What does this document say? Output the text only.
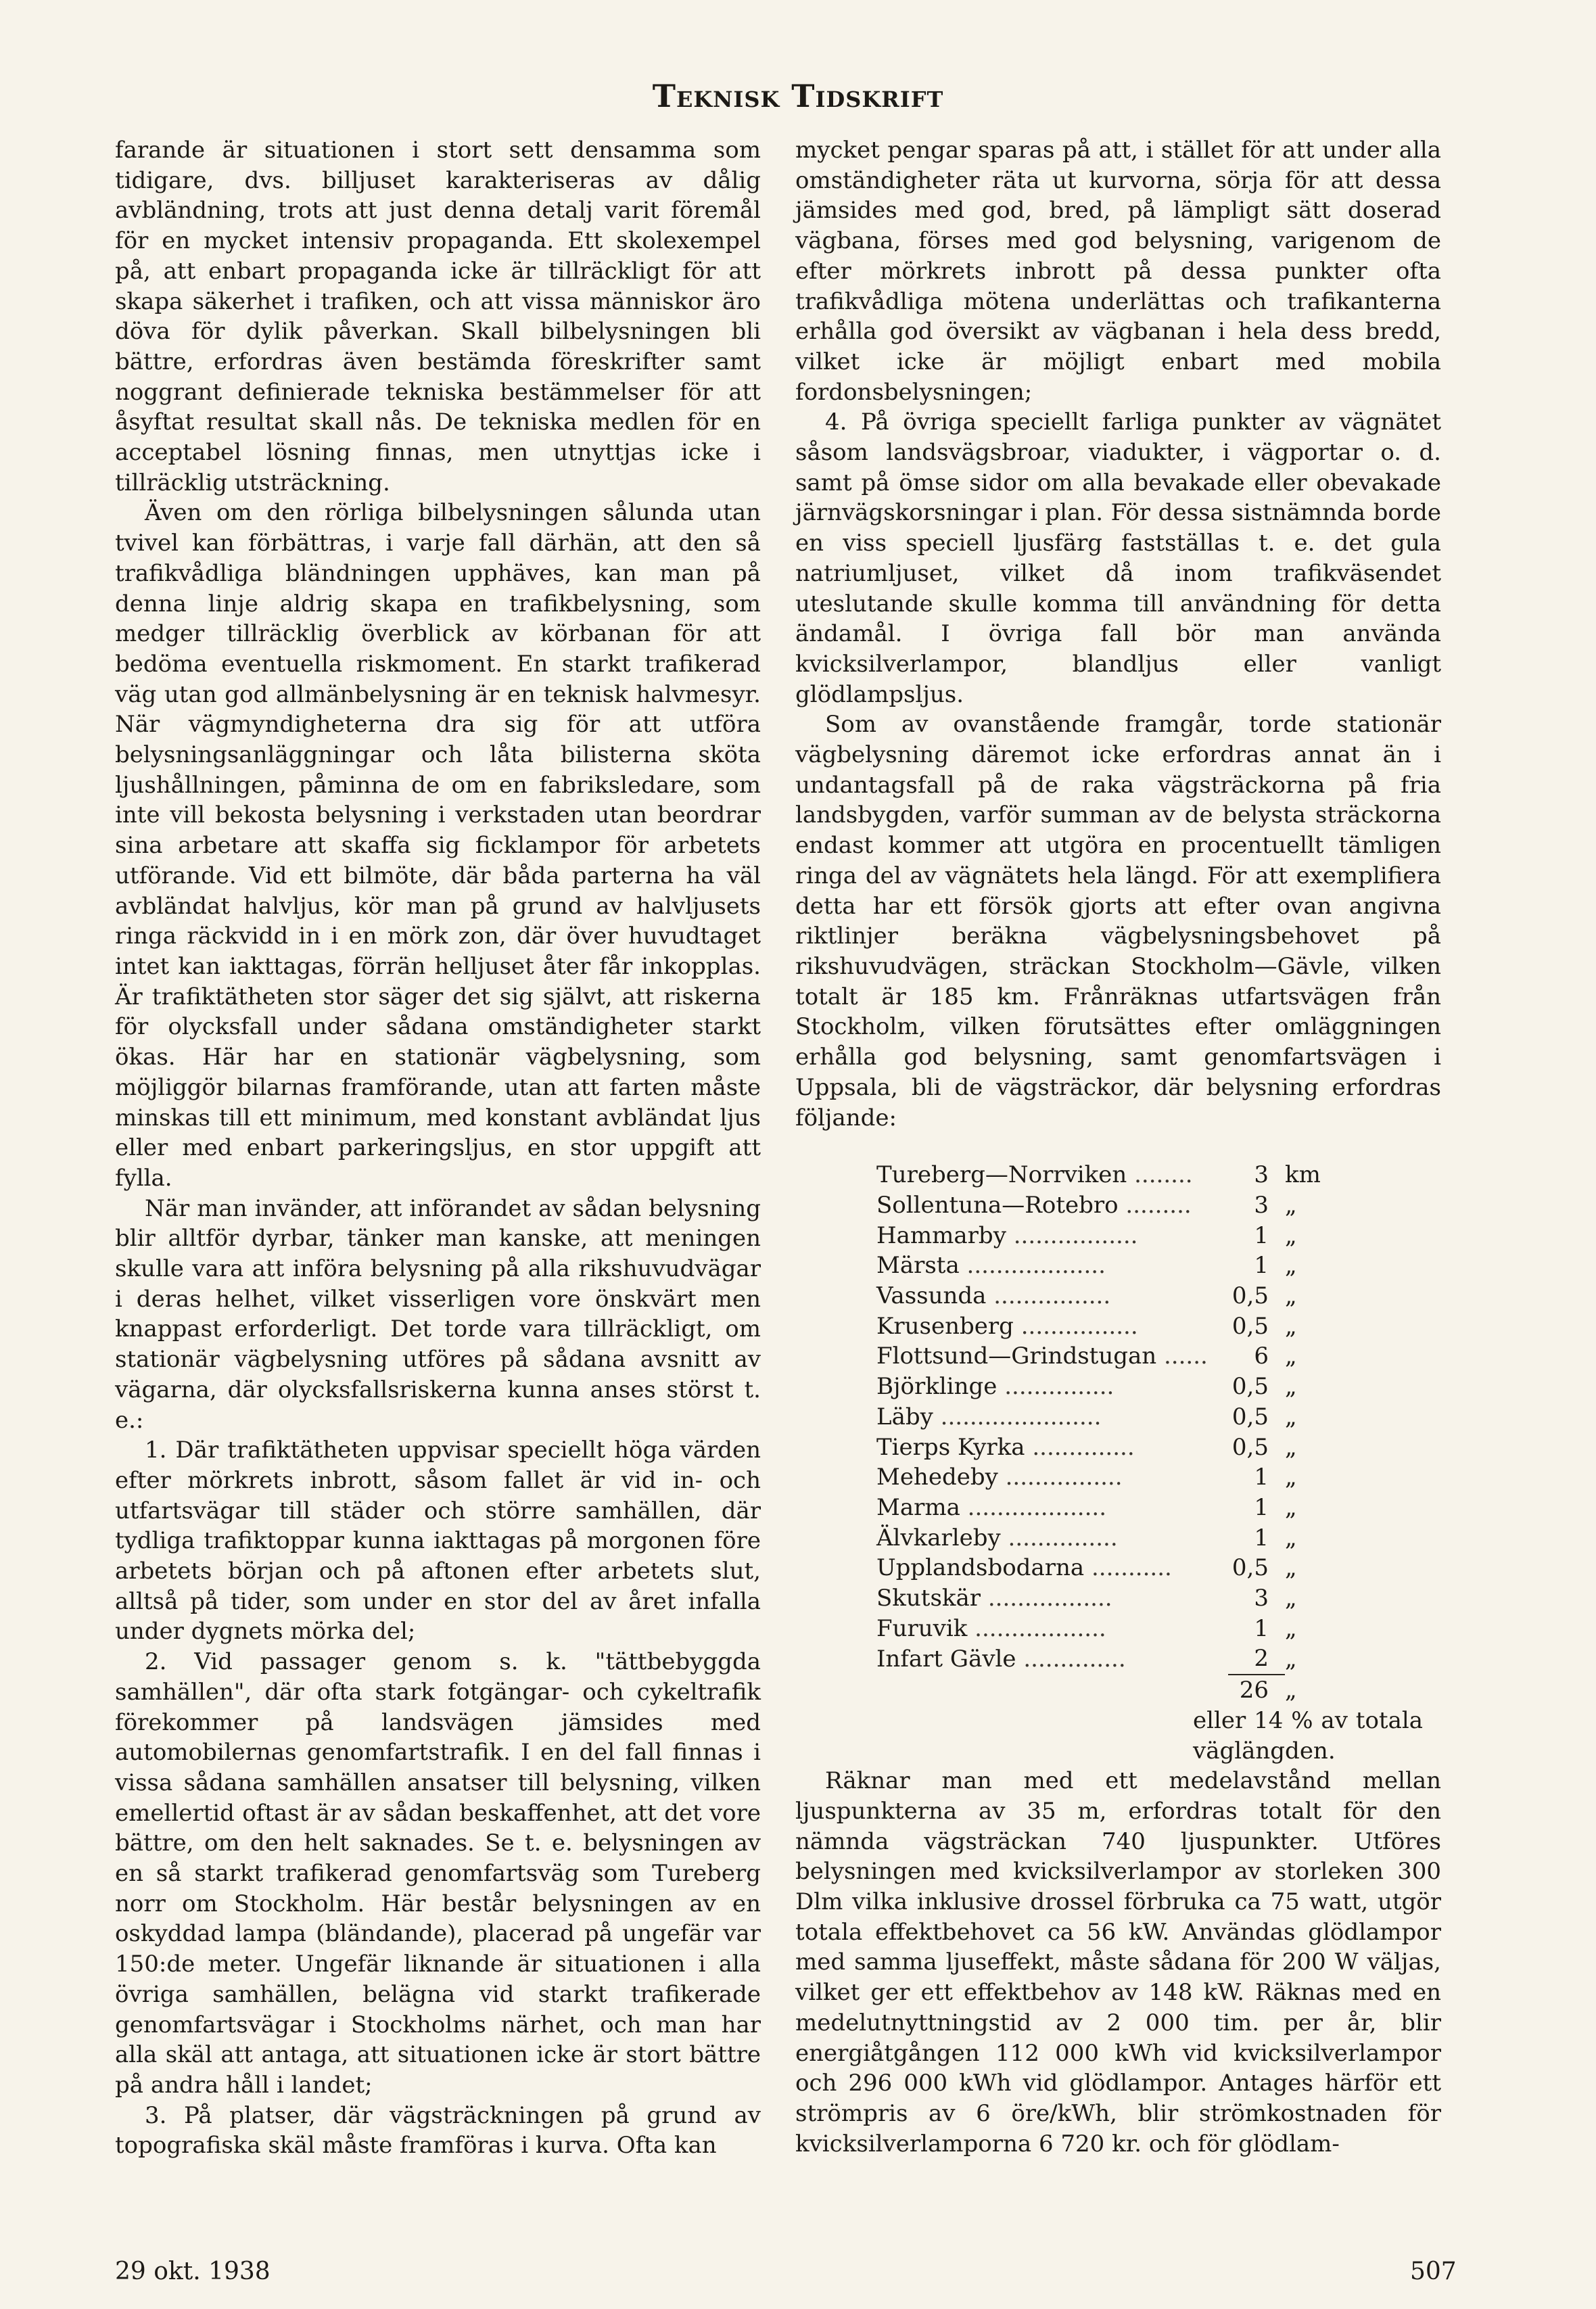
Teknisk Tidskrift

farande är situationen i stort sett densamma som tidigare, dvs. billjuset karakteriseras av dålig avbländning, trots att just denna detalj varit föremål för en mycket intensiv propaganda. Ett skolexempel på, att enbart propaganda icke är tillräckligt för att skapa säkerhet i trafiken, och att vissa människor äro döva för dylik påverkan. Skall bilbelysningen bli bättre, erfordras även bestämda föreskrifter samt noggrant definierade tekniska bestämmelser för att åsyftat resultat skall nås. De tekniska medlen för en acceptabel lösning finnas, men utnyttjas icke i tillräcklig utsträckning.

Även om den rörliga bilbelysningen sålunda utan tvivel kan förbättras, i varje fall därhän, att den så trafikvådliga bländningen upphäves, kan man på denna linje aldrig skapa en trafikbelysning, som medger tillräcklig överblick av körbanan för att bedöma eventuella riskmoment. En starkt trafikerad väg utan god allmänbelysning är en teknisk halvmesyr. När vägmyndigheterna dra sig för att utföra belysningsanläggningar och låta bilisterna sköta ljushållningen, påminna de om en fabriksledare, som inte vill bekosta belysning i verkstaden utan beordrar sina arbetare att skaffa sig ficklampor för arbetets utförande. Vid ett bilmöte, där båda parterna ha väl avbländat halvljus, kör man på grund av halvljusets ringa räckvidd in i en mörk zon, där över huvudtaget intet kan iakttagas, förrän helljuset åter får inkopplas. Är trafiktätheten stor säger det sig självt, att riskerna för olycksfall under sådana omständigheter starkt ökas. Här har en stationär vägbelysning, som möjliggör bilarnas framförande, utan att farten måste minskas till ett minimum, med konstant avbländat ljus eller med enbart parkeringsljus, en stor uppgift att fylla.

När man invänder, att införandet av sådan belysning blir alltför dyrbar, tänker man kanske, att meningen skulle vara att införa belysning på alla rikshuvudvägar i deras helhet, vilket visserligen vore önskvärt men knappast erforderligt. Det torde vara tillräckligt, om stationär vägbelysning utföres på sådana avsnitt av vägarna, där olycksfallsriskerna kunna anses störst t. e.:

1. Där trafiktätheten uppvisar speciellt höga värden efter mörkrets inbrott, såsom fallet är vid in- och utfartsvägar till städer och större samhällen, där tydliga trafiktoppar kunna iakttagas på morgonen före arbetets början och på aftonen efter arbetets slut, alltså på tider, som under en stor del av året infalla under dygnets mörka del;

2. Vid passager genom s. k. "tättbebyggda samhällen", där ofta stark fotgängar- och cykeltrafik förekommer på landsvägen jämsides med automobilernas genomfartstrafik. I en del fall finnas i vissa sådana samhällen ansatser till belysning, vilken emellertid oftast är av sådan beskaffenhet, att det vore bättre, om den helt saknades. Se t. e. belysningen av en så starkt trafikerad genomfartsväg som Tureberg norr om Stockholm. Här består belysningen av en oskyddad lampa (bländande), placerad på ungefär var 150:de meter. Ungefär liknande är situationen i alla övriga samhällen, belägna vid starkt trafikerade genomfartsvägar i Stockholms närhet, och man har alla skäl att antaga, att situationen icke är stort bättre på andra håll i landet;

3. På platser, där vägsträckningen på grund av topografiska skäl måste framföras i kurva. Ofta kan

mycket pengar sparas på att, i stället för att under alla omständigheter räta ut kurvorna, sörja för att dessa jämsides med god, bred, på lämpligt sätt doserad vägbana, förses med god belysning, varigenom de efter mörkrets inbrott på dessa punkter ofta trafikvådliga mötena underlättas och trafikanterna erhålla god översikt av vägbanan i hela dess bredd, vilket icke är möjligt enbart med mobila fordonsbelysningen;

4. På övriga speciellt farliga punkter av vägnätet såsom landsvägsbroar, viadukter, i vägportar o. d. samt på ömse sidor om alla bevakade eller obevakade järnvägskorsningar i plan. För dessa sistnämnda borde en viss speciell ljusfärg fastställas t. e. det gula natriumljuset, vilket då inom trafikväsendet uteslutande skulle komma till användning för detta ändamål. I övriga fall bör man använda kvicksilverlampor, blandljus eller vanligt glödlampsljus.

Som av ovanstående framgår, torde stationär vägbelysning däremot icke erfordras annat än i undantagsfall på de raka vägsträckorna på fria landsbygden, varför summan av de belysta sträckorna endast kommer att utgöra en procentuellt tämligen ringa del av vägnätets hela längd. För att exemplifiera detta har ett försök gjorts att efter ovan angivna riktlinjer beräkna vägbelysningsbehovet på rikshuvudvägen, sträckan Stockholm—Gävle, vilken totalt är 185 km. Frånräknas utfartsvägen från Stockholm, vilken förutsättes efter omläggningen erhålla god belysning, samt genomfartsvägen i Uppsala, bli de vägsträckor, där belysning erfordras följande:

Tureberg—Norrviken ........	3	km
Sollentuna—Rotebro .........	3	„
Hammarby .................	1	„
Märsta ...................	1	„
Vassunda ................	0,5	„
Krusenberg ................	0,5	„
Flottsund—Grindstugan ......	6	„
Björklinge ...............	0,5	„
Läby ......................	0,5	„
Tierps Kyrka ..............	0,5	„
Mehedeby ................	1	„
Marma ...................	1	„
Älvkarleby ...............	1	„
Upplandsbodarna ...........	0,5	„
Skutskär .................	3	„
Furuvik ..................	1	„
Infart Gävle ..............	2	„
	26	„
eller 14 % av totala väglängden.

Räknar man med ett medelavstånd mellan ljuspunkterna av 35 m, erfordras totalt för den nämnda vägsträckan 740 ljuspunkter. Utföres belysningen med kvicksilverlampor av storleken 300 Dlm vilka inklusive drossel förbruka ca 75 watt, utgör totala effektbehovet ca 56 kW. Användas glödlampor med samma ljuseffekt, måste sådana för 200 W väljas, vilket ger ett effektbehov av 148 kW. Räknas med en medelutnyttningstid av 2 000 tim. per år, blir energiåtgången 112 000 kWh vid kvicksilverlampor och 296 000 kWh vid glödlampor. Antages härför ett strömpris av 6 öre/kWh, blir strömkostnaden för kvicksilverlamporna 6 720 kr. och för glödlam-

29 okt. 1938	507
